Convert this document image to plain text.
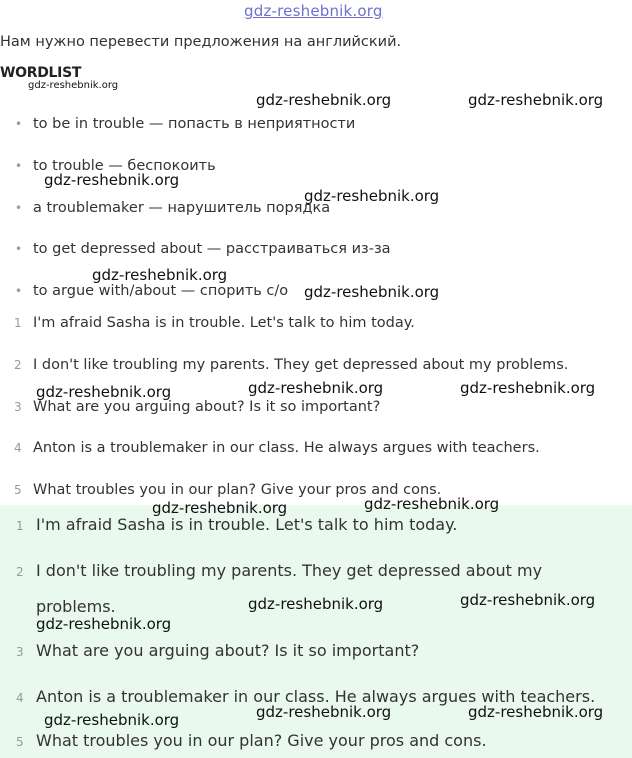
gdz-reshebnik.org
Нам нужно перевести предложения на английский.
WORDLIST
• to be in trouble — попасть в неприятности
• to trouble — беспокоить
• a troublemaker — нарушитель порядка
• to get depressed about — расстраиваться из-за
• to argue with/about — спорить с/о
1 I'm afraid Sasha is in trouble. Let's talk to him today.
2 I don't like troubling my parents. They get depressed about my problems.
3 What are you arguing about? Is it so important?
4 Anton is a troublemaker in our class. He always argues with teachers.
5 What troubles you in our plan? Give your pros and cons.
1 I'm afraid Sasha is in trouble. Let's talk to him today.
2 I don't like troubling my parents. They get depressed about my
problems.
3 What are you arguing about? Is it so important?
4 Anton is a troublemaker in our class. He always argues with teachers.
5 What troubles you in our plan? Give your pros and cons.
gdz-reshebnik.org
gdz-reshebnik.org	gdz-reshebnik.org
gdz-reshebnik.org
gdz-reshebnik.org
gdz-reshebnik.org
gdz-reshebnik.org
gdz-reshebnik.org	gdz-reshebnik.org	gdz-reshebnik.org
gdz-reshebnik.org
gdz-reshebnik.org
gdz-reshebnik.org
gdz-reshebnik.org
gdz-reshebnik.org
gdz-reshebnik.org	gdz-reshebnik.org
gdz-reshebnik.org
